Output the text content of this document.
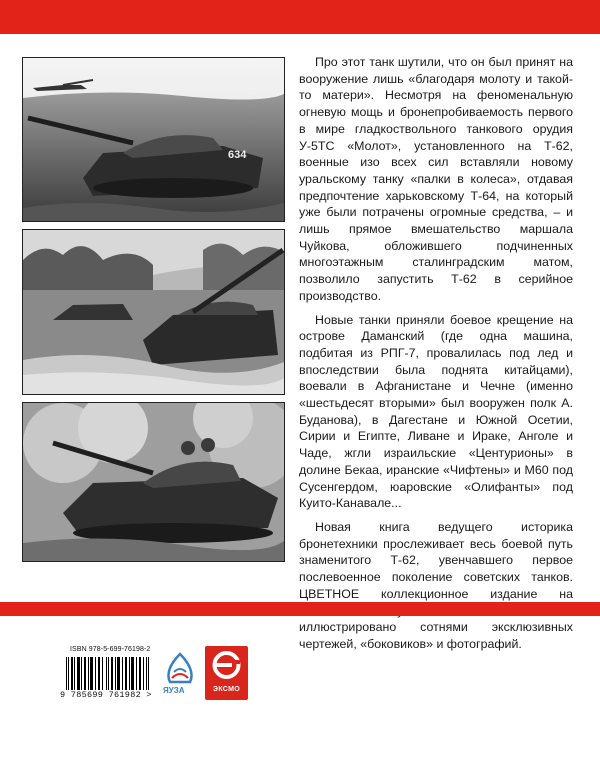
634

Про этот танк шутили, что он был принят на вооружение лишь «благодаря молоту и такой-то матери». Несмотря на феноменальную огневую мощь и бронепробиваемость первого в мире гладкоствольного танкового орудия У-5ТС «Молот», установленного на Т-62, военные изо всех сил вставляли новому уральскому танку «палки в колеса», отдавая предпочтение харьковскому Т-64, на который уже были потрачены огромные средства, – и лишь прямое вмешательство маршала Чуйкова, обложившего подчиненных многоэтажным сталинградским матом, позволило запустить Т-62 в серийное производство.

Новые танки приняли боевое крещение на острове Даманский (где одна машина, подбитая из РПГ-7, провалилась под лед и впоследствии была поднята китайцами), воевали в Афганистане и Чечне (именно «шестьдесят вторыми» был вооружен полк А. Буданова), в Дагестане и Южной Осетии, Сирии и Египте, Ливане и Ираке, Анголе и Чаде, жгли израильские «Центурионы» в долине Бекаа, иранские «Чифтены» и М60 под Сусенгердом, юаровские «Олифанты» под Куито-Канавале...

Новая книга ведущего историка бронетехники прослеживает весь боевой путь знаменитого Т-62, увенчавшего первое послевоенное поколение советских танков. ЦВЕТНОЕ коллекционное издание на иллюстрировано сотнями эксклюзивных чертежей, «боковиков» и фотографий.

ISBN 978-5-699-76198-2
9 785699 761982 > ЯУЗА	ЭКСМО
